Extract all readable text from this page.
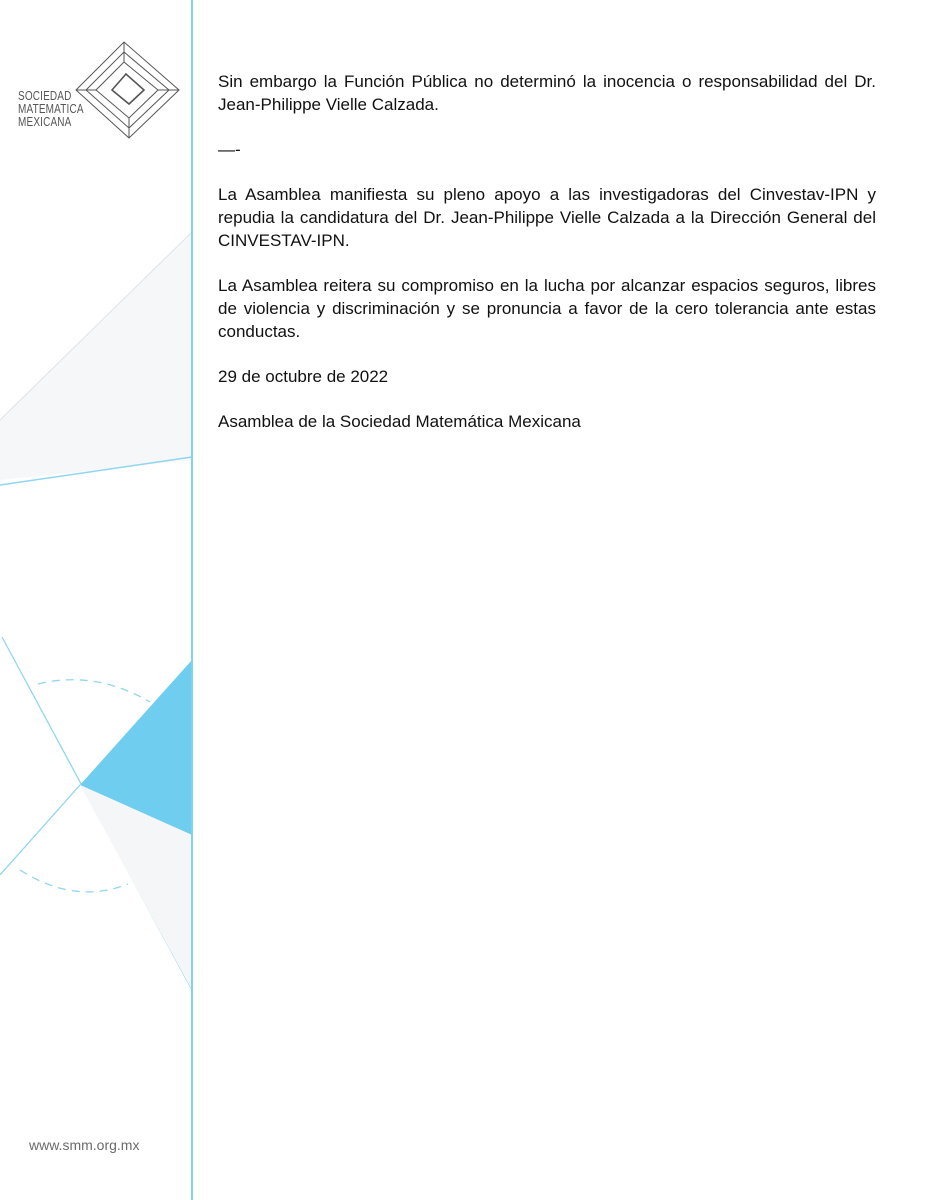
SOCIEDAD
MATEMATICA
MEXICANA
www.smm.org.mx

Sin embargo la Función Pública no determinó la inocencia o responsabilidad del Dr. Jean-Philippe Vielle Calzada.

—-

La Asamblea manifiesta su pleno apoyo a las investigadoras del Cinvestav-IPN y repudia la candidatura del Dr. Jean-Philippe Vielle Calzada a la Dirección General del CINVESTAV-IPN.

La Asamblea reitera su compromiso en la lucha por alcanzar espacios seguros, libres de violencia y discriminación y se pronuncia a favor de la cero tolerancia ante estas conductas.

29 de octubre de 2022

Asamblea de la Sociedad Matemática Mexicana
